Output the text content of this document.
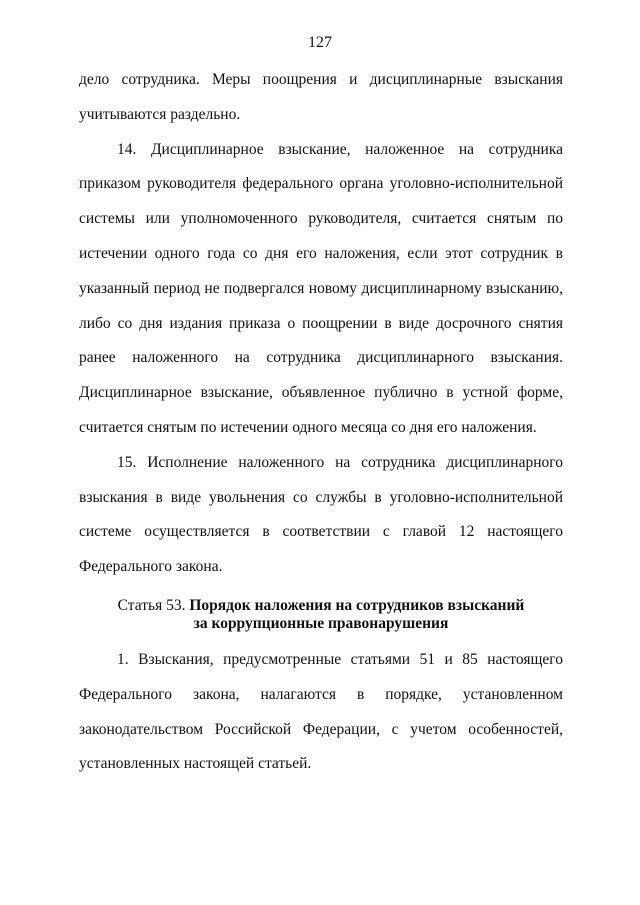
127

дело сотрудника. Меры поощрения и дисциплинарные взыскания учитываются раздельно.

14. Дисциплинарное взыскание, наложенное на сотрудника приказом руководителя федерального органа уголовно-исполнительной системы или уполномоченного руководителя, считается снятым по истечении одного года со дня его наложения, если этот сотрудник в указанный период не подвергался новому дисциплинарному взысканию, либо со дня издания приказа о поощрении в виде досрочного снятия ранее наложенного на сотрудника дисциплинарного взыскания. Дисциплинарное взыскание, объявленное публично в устной форме, считается снятым по истечении одного месяца со дня его наложения.

15. Исполнение наложенного на сотрудника дисциплинарного взыскания в виде увольнения со службы в уголовно-исполнительной системе осуществляется в соответствии с главой 12 настоящего Федерального закона.

Статья 53. Порядок наложения на сотрудников взысканий
за коррупционные правонарушения

1. Взыскания, предусмотренные статьями 51 и 85 настоящего Федерального закона, налагаются в порядке, установленном законодательством Российской Федерации, с учетом особенностей, установленных настоящей статьей.
